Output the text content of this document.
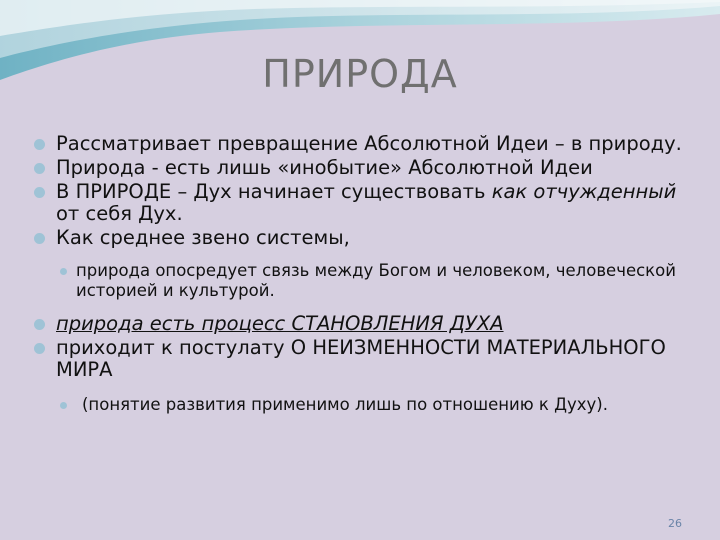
ПРИРОДА
Рассматривает превращение Абсолютной Идеи – в природу.
Природа - есть лишь «инобытие» Абсолютной Идеи
В ПРИРОДЕ – Дух начинает существовать как отчужденный от себя Дух.
Как среднее звено системы,
природа опосредует связь между Богом и человеком, человеческой историей и культурой.
природа есть процесс СТАНОВЛЕНИЯ ДУХА
приходит к постулату О НЕИЗМЕННОСТИ МАТЕРИАЛЬНОГО МИРА
(понятие развития применимо лишь по отношению к Духу).
26
